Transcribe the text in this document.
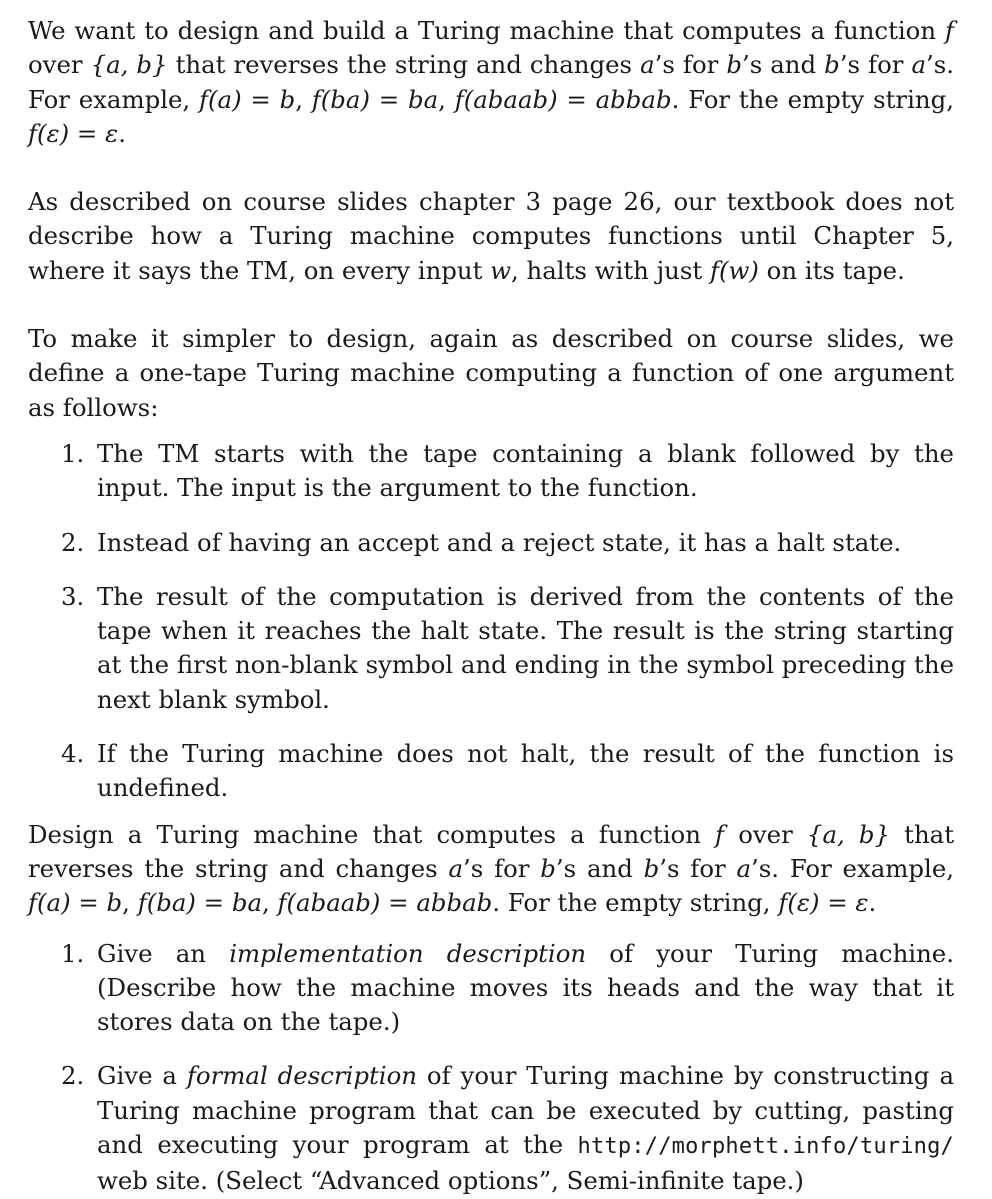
We want to design and build a Turing machine that computes a function f over {a, b} that reverses the string and changes a’s for b’s and b’s for a’s. For example, f(a) = b, f(ba) = ba, f(abaab) = abbab. For the empty string, f(ε) = ε.

As described on course slides chapter 3 page 26, our textbook does not describe how a Turing machine computes functions until Chapter 5, where it says the TM, on every input w, halts with just f(w) on its tape.

To make it simpler to design, again as described on course slides, we define a one-tape Turing machine computing a function of one argument as follows:

1. The TM starts with the tape containing a blank followed by the input. The input is the argument to the function.
2. Instead of having an accept and a reject state, it has a halt state.
3. The result of the computation is derived from the contents of the tape when it reaches the halt state. The result is the string starting at the first non-blank symbol and ending in the symbol preceding the next blank symbol.
4. If the Turing machine does not halt, the result of the function is undefined.

Design a Turing machine that computes a function f over {a, b} that reverses the string and changes a’s for b’s and b’s for a’s. For example, f(a) = b, f(ba) = ba, f(abaab) = abbab. For the empty string, f(ε) = ε.

1. Give an implementation description of your Turing machine. (Describe how the machine moves its heads and the way that it stores data on the tape.)
2. Give a formal description of your Turing machine by constructing a Turing machine program that can be executed by cutting, pasting and executing your program at the http://morphett.info/turing/ web site. (Select “Advanced options”, Semi-infinite tape.)
